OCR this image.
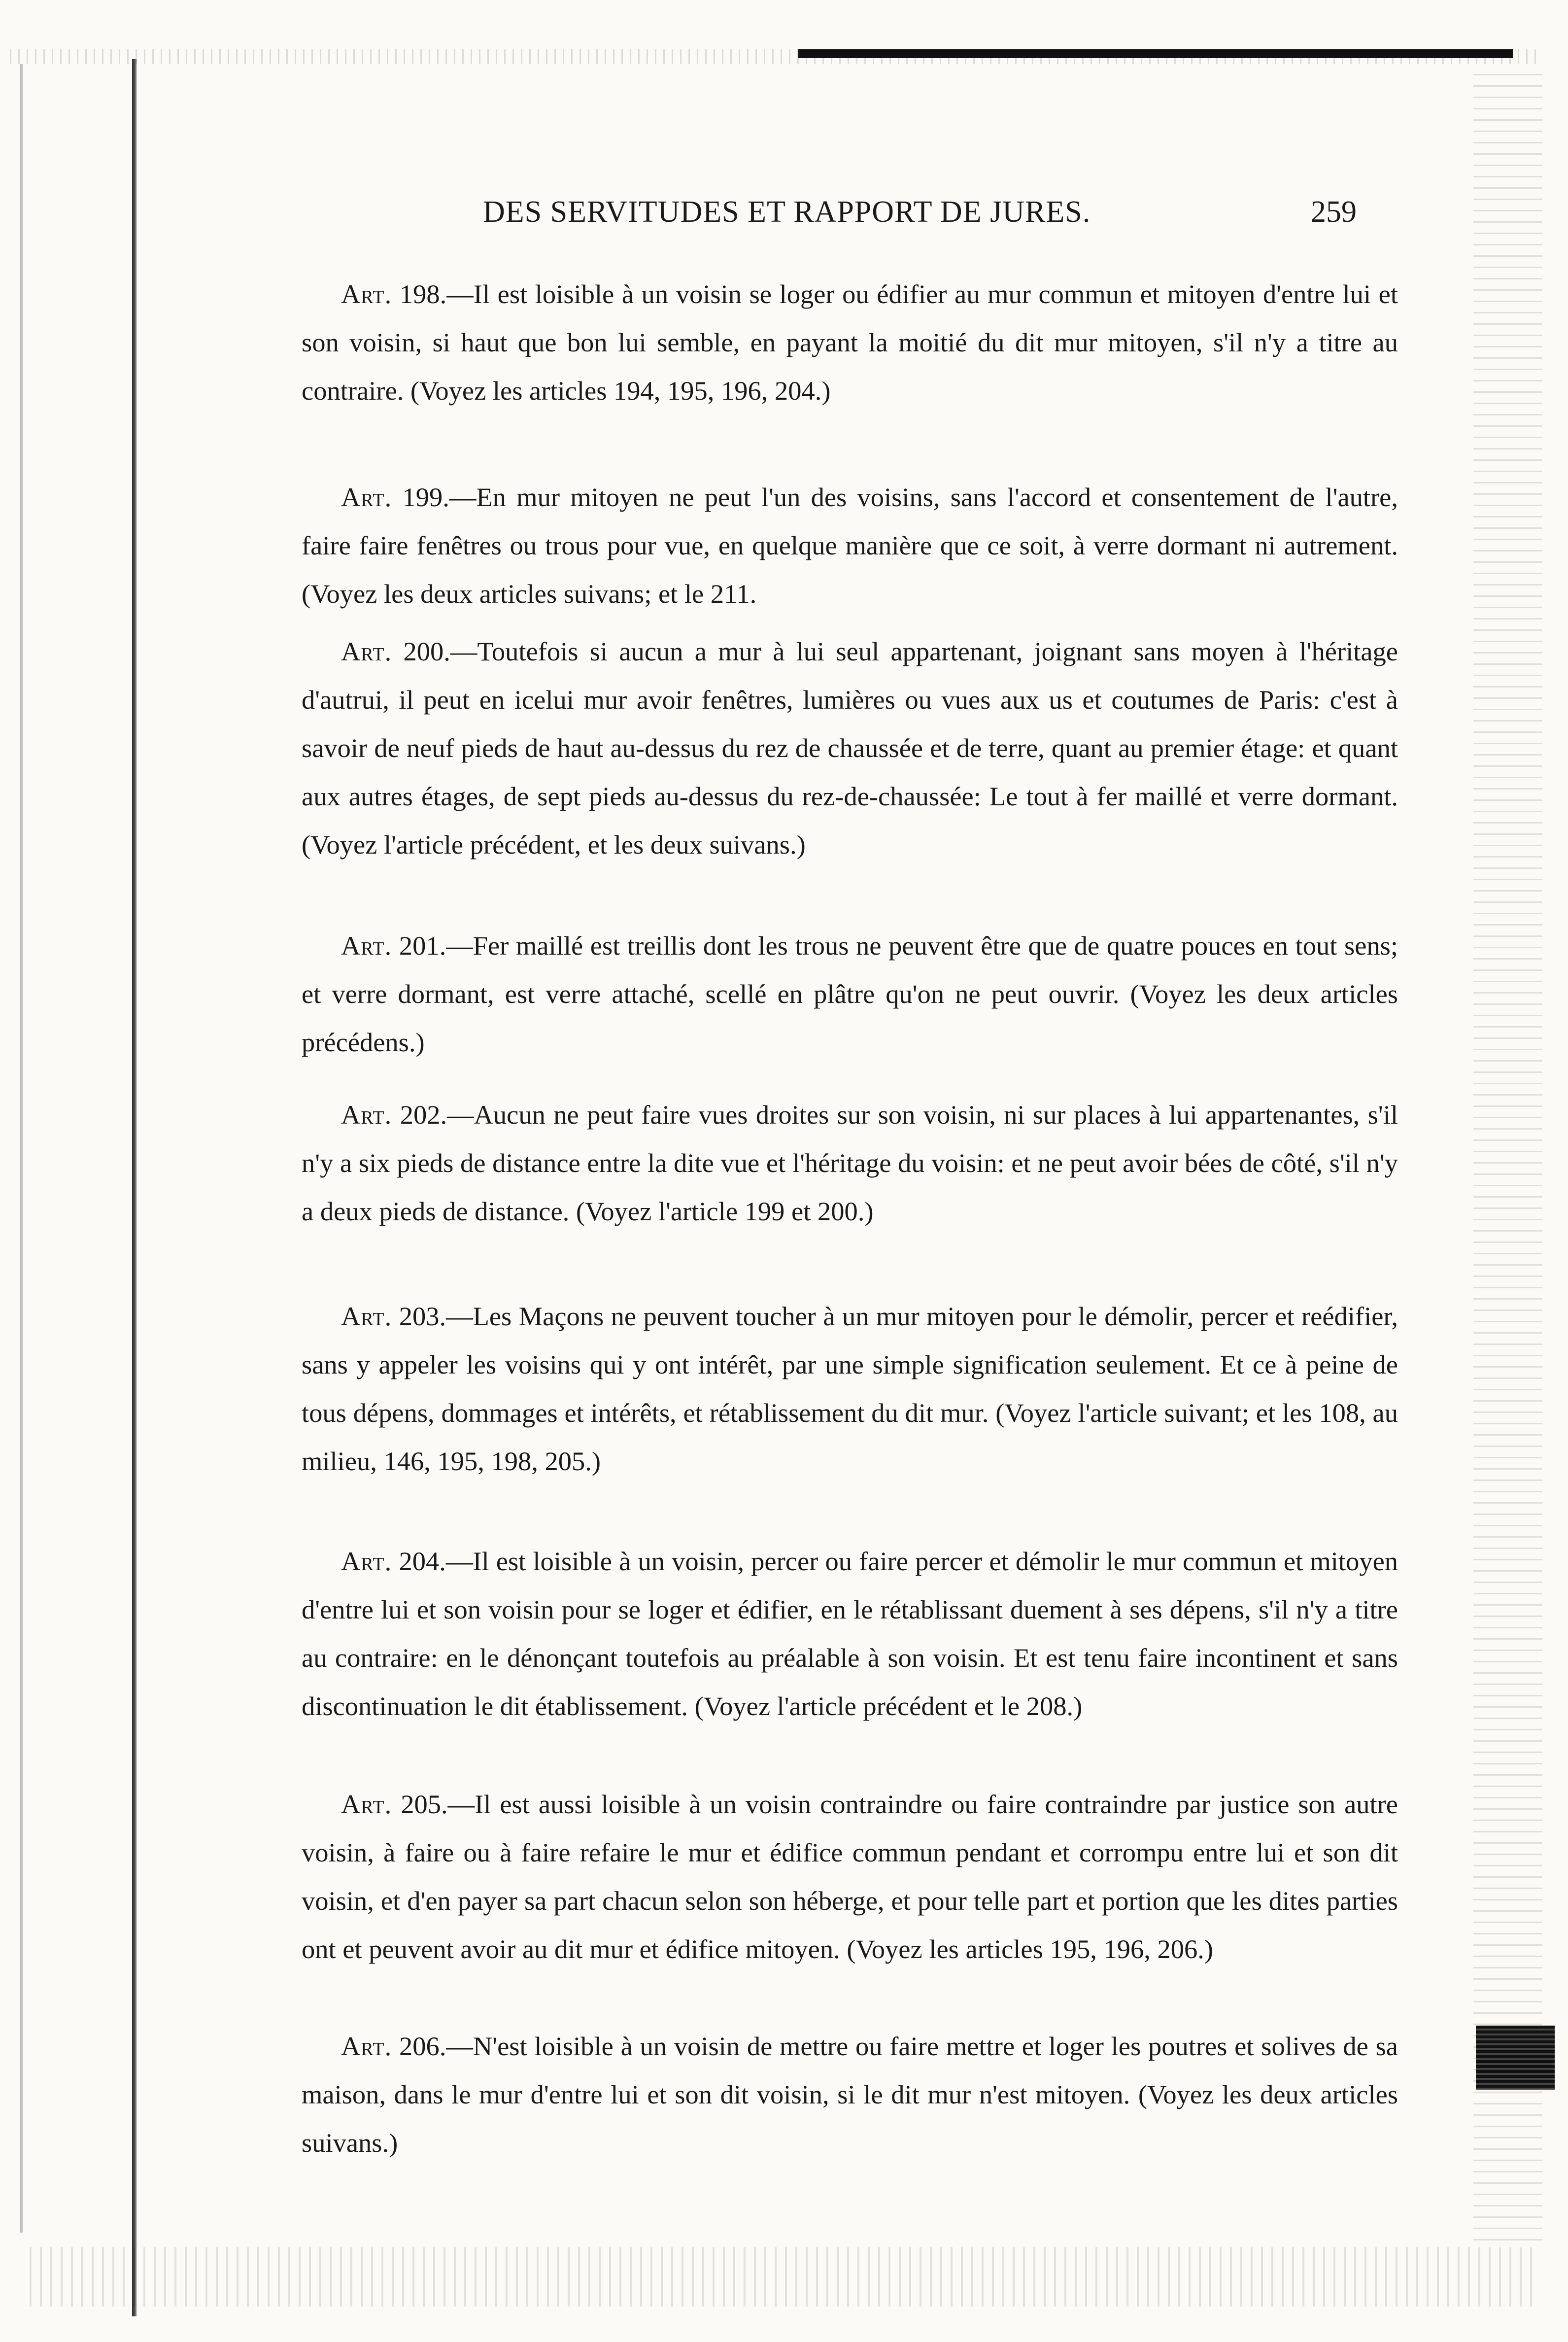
DES SERVITUDES ET RAPPORT DE JURES.	259

Art. 198.—Il est loisible à un voisin se loger ou édifier au mur commun et mitoyen d'entre lui et son voisin, si haut que bon lui semble, en payant la moitié du dit mur mitoyen, s'il n'y a titre au contraire. (Voyez les articles 194, 195, 196, 204.)

Art. 199.—En mur mitoyen ne peut l'un des voisins, sans l'accord et consentement de l'autre, faire faire fenêtres ou trous pour vue, en quelque manière que ce soit, à verre dormant ni autrement. (Voyez les deux articles suivans; et le 211.

Art. 200.—Toutefois si aucun a mur à lui seul appartenant, joignant sans moyen à l'héritage d'autrui, il peut en icelui mur avoir fenêtres, lumières ou vues aux us et coutumes de Paris: c'est à savoir de neuf pieds de haut au-dessus du rez de chaussée et de terre, quant au premier étage: et quant aux autres étages, de sept pieds au-dessus du rez-de-chaussée: Le tout à fer maillé et verre dormant. (Voyez l'article précédent, et les deux suivans.)

Art. 201.—Fer maillé est treillis dont les trous ne peuvent être que de quatre pouces en tout sens; et verre dormant, est verre attaché, scellé en plâtre qu'on ne peut ouvrir. (Voyez les deux articles précédens.)

Art. 202.—Aucun ne peut faire vues droites sur son voisin, ni sur places à lui appartenantes, s'il n'y a six pieds de distance entre la dite vue et l'héritage du voisin: et ne peut avoir bées de côté, s'il n'y a deux pieds de distance. (Voyez l'article 199 et 200.)

Art. 203.—Les Maçons ne peuvent toucher à un mur mitoyen pour le démolir, percer et reédifier, sans y appeler les voisins qui y ont intérêt, par une simple signification seulement. Et ce à peine de tous dépens, dommages et intérêts, et rétablissement du dit mur. (Voyez l'article suivant; et les 108, au milieu, 146, 195, 198, 205.)

Art. 204.—Il est loisible à un voisin, percer ou faire percer et démolir le mur commun et mitoyen d'entre lui et son voisin pour se loger et édifier, en le rétablissant duement à ses dépens, s'il n'y a titre au contraire: en le dénonçant toutefois au préalable à son voisin. Et est tenu faire incontinent et sans discontinuation le dit établissement. (Voyez l'article précédent et le 208.)

Art. 205.—Il est aussi loisible à un voisin contraindre ou faire contraindre par justice son autre voisin, à faire ou à faire refaire le mur et édifice commun pendant et corrompu entre lui et son dit voisin, et d'en payer sa part chacun selon son héberge, et pour telle part et portion que les dites parties ont et peuvent avoir au dit mur et édifice mitoyen. (Voyez les articles 195, 196, 206.)

Art. 206.—N'est loisible à un voisin de mettre ou faire mettre et loger les poutres et solives de sa maison, dans le mur d'entre lui et son dit voisin, si le dit mur n'est mitoyen. (Voyez les deux articles suivans.)
